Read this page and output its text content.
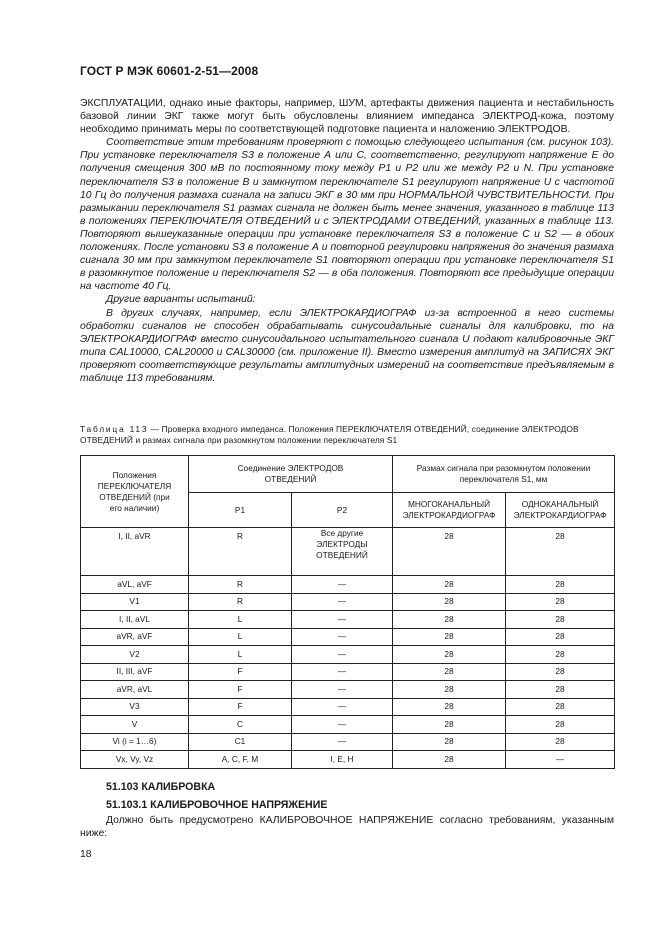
ГОСТ Р МЭК 60601-2-51—2008

ЭКСПЛУАТАЦИИ, однако иные факторы, например, ШУМ, артефакты движения пациента и нестабильность базовой линии ЭКГ также могут быть обусловлены влиянием импеданса ЭЛЕКТРОД-кожа, поэтому необходимо принимать меры по соответствующей подготовке пациента и наложению ЭЛЕКТРОДОВ.

Соответствие этим требованиям проверяют с помощью следующего испытания (см. рисунок 103). При установке переключателя S3 в положение А или С, соответственно, регулируют напряжение E до получения смещения 300 мВ по постоянному току между P1 и P2 или же между P2 и N. При установке переключателя S3 в положение В и замкнутом переключателе S1 регулируют напряжение U с частотой 10 Гц до получения размаха сигнала на записи ЭКГ в 30 мм при НОРМАЛЬНОЙ ЧУВСТВИТЕЛЬНОСТИ. При размыкании переключателя S1 размах сигнала не должен быть менее значения, указанного в таблице 113 в положениях ПЕРЕКЛЮЧАТЕЛЯ ОТВЕДЕНИЙ и с ЭЛЕКТРОДАМИ ОТВЕДЕНИЙ, указанных в таблице 113. Повторяют вышеуказанные операции при установке переключателя S3 в положение С и S2 — в обоих положениях. После установки S3 в положение А и повторной регулировки напряжения до значения размаха сигнала 30 мм при замкнутом переключателе S1 повторяют операции при установке переключателя S1 в разомкнутое положение и переключателя S2 — в оба положения. Повторяют все предыдущие операции на частоте 40 Гц.

Другие варианты испытаний:

В других случаях, например, если ЭЛЕКТРОКАРДИОГРАФ из-за встроенной в него системы обработки сигналов не способен обрабатывать синусоидальные сигналы для калибровки, то на ЭЛЕКТРОКАРДИОГРАФ вместо синусоидального испытательного сигнала U подают калибровочные ЭКГ типа CAL10000, CAL20000 и CAL30000 (см. приложение II). Вместо измерения амплитуд на ЗАПИСЯХ ЭКГ проверяют соответствующие результаты амплитудных измерений на соответствие предъявляемым в таблице 113 требованиям.

Таблица 113 — Проверка входного импеданса. Положения ПЕРЕКЛЮЧАТЕЛЯ ОТВЕДЕНИЙ, соединение ЭЛЕКТРОДОВ ОТВЕДЕНИЙ и размах сигнала при разомкнутом положении переключателя S1
Положения ПЕРЕКЛЮЧАТЕЛЯ ОТВЕДЕНИЙ (при его наличии)	Соединение ЭЛЕКТРОДОВ ОТВЕДЕНИЙ		Размах сигнала при разомкнутом положении переключателя S1, мм	
	P1	P2	МНОГОКАНАЛЬНЫЙ ЭЛЕКТРОКАРДИОГРАФ	ОДНОКАНАЛЬНЫЙ ЭЛЕКТРОКАРДИОГРАФ
I, II, aVR	R	Все другие ЭЛЕКТРОДЫ ОТВЕДЕНИЙ	28	28
aVL, aVF	R	—	28	28
V1	R	—	28	28
I, II, aVL	L	—	28	28
aVR, aVF	L	—	28	28
V2	L	—	28	28
II, III, aVF	F	—	28	28
aVR, aVL	F	—	28	28
V3	F	—	28	28
V	C	—	28	28
Vi (i = 1…6)	C1	—	28	28
Vx, Vy, Vz	A, C, F, M	I, E, H	28	—
51.103 КАЛИБРОВКА
51.103.1 КАЛИБРОВОЧНОЕ НАПРЯЖЕНИЕ
Должно быть предусмотрено КАЛИБРОВОЧНОЕ НАПРЯЖЕНИЕ согласно требованиям, указанным ниже:
18
